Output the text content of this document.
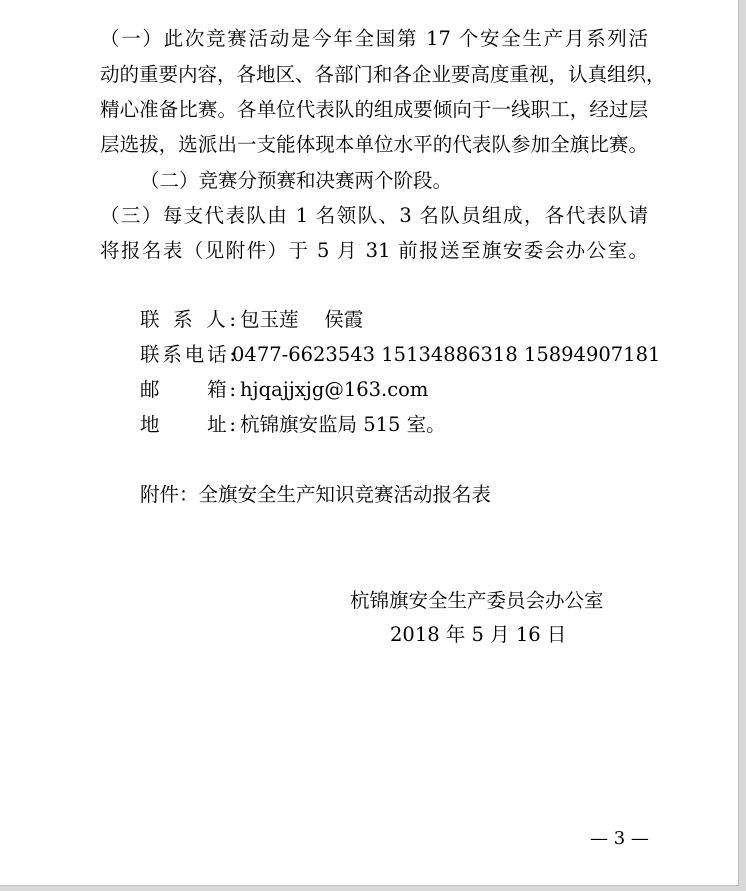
（一）此次竞赛活动是今年全国第 17 个安全生产月系列活
动的重要内容，各地区、各部门和各企业要高度重视，认真组织，
精心准备比赛。各单位代表队的组成要倾向于一线职工，经过层
层选拔，选派出一支能体现本单位水平的代表队参加全旗比赛。
（二）竞赛分预赛和决赛两个阶段。
（三）每支代表队由 1 名领队、3 名队员组成，各代表队请
将报名表（见附件）于 5 月 31 前报送至旗安委会办公室。
联 系 人: 包玉莲　 侯霞
联系电话:
0477-6623543 15134886318 15894907181
邮　　箱: hjqajjxjg@163.com
地　　址: 杭锦旗安监局 515 室。
附件：全旗安全生产知识竞赛活动报名表
杭锦旗安全生产委员会办公室
2018 年 5 月 16 日
— 3 —
